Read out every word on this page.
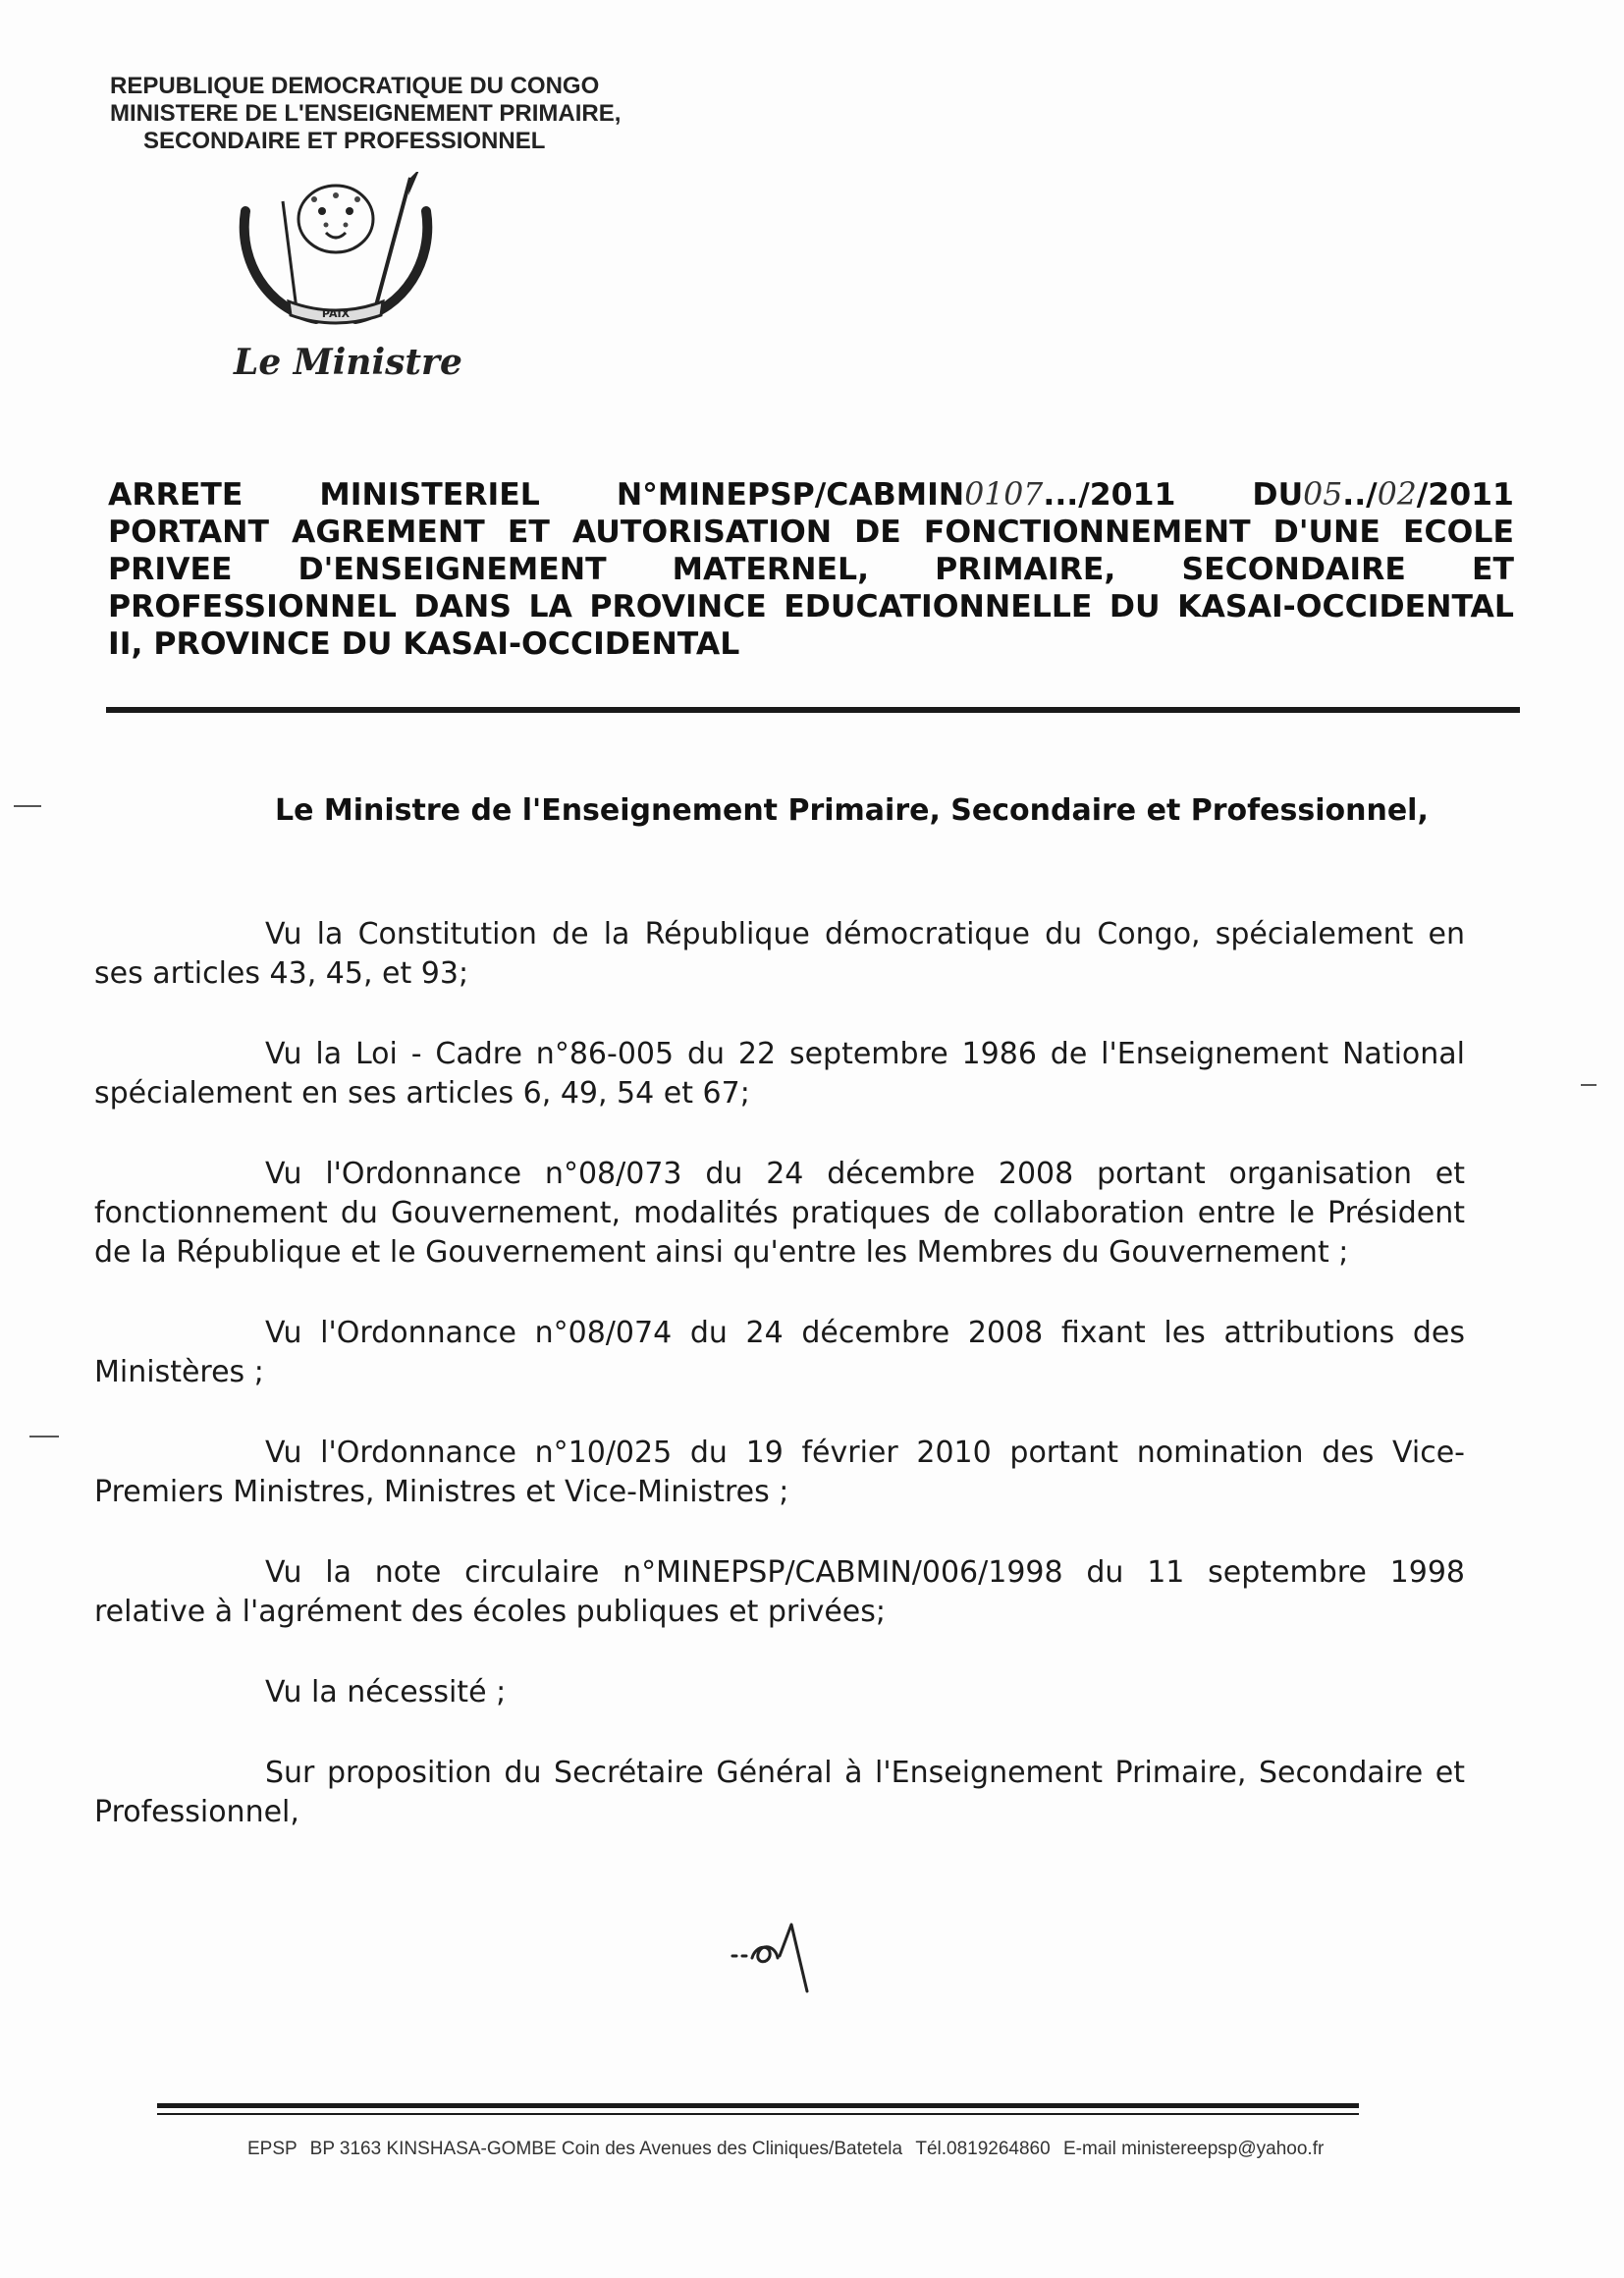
REPUBLIQUE DEMOCRATIQUE DU CONGO

MINISTERE DE L'ENSEIGNEMENT PRIMAIRE,
SECONDAIRE ET PROFESSIONNEL
PAIX
Le Ministre
ARRETE MINISTERIEL N°MINEPSP/CABMIN0107.../2011 DU05../02/2011
PORTANT AGREMENT ET AUTORISATION DE FONCTIONNEMENT D'UNE ECOLE PRIVEE D'ENSEIGNEMENT MATERNEL, PRIMAIRE, SECONDAIRE ET PROFESSIONNEL DANS LA PROVINCE EDUCATIONNELLE DU KASAI-OCCIDENTAL II, PROVINCE DU KASAI-OCCIDENTAL
Le Ministre de l'Enseignement Primaire, Secondaire et Professionnel,

Vu la Constitution de la République démocratique du Congo, spécialement en ses articles 43, 45, et 93;

Vu la Loi - Cadre n°86-005 du 22 septembre 1986 de l'Enseignement National spécialement en ses articles 6, 49, 54 et 67;

Vu l'Ordonnance n°08/073 du 24 décembre 2008 portant organisation et fonctionnement du Gouvernement, modalités pratiques de collaboration entre le Président de la République et le Gouvernement ainsi qu'entre les Membres du Gouvernement ;

Vu l'Ordonnance n°08/074 du 24 décembre 2008 fixant les attributions des Ministères ;

Vu l'Ordonnance n°10/025 du 19 février 2010 portant nomination des Vice-Premiers Ministres, Ministres et Vice-Ministres ;

Vu la note circulaire n°MINEPSP/CABMIN/006/1998 du 11 septembre 1998 relative à l'agrément des écoles publiques et privées;

Vu la nécessité ;

Sur proposition du Secrétaire Général à l'Enseignement Primaire, Secondaire et Professionnel,

EPSP BP 3163 KINSHASA-GOMBE Coin des Avenues des Cliniques/Batetela Tél.0819264860 E-mail ministereepsp@yahoo.fr
